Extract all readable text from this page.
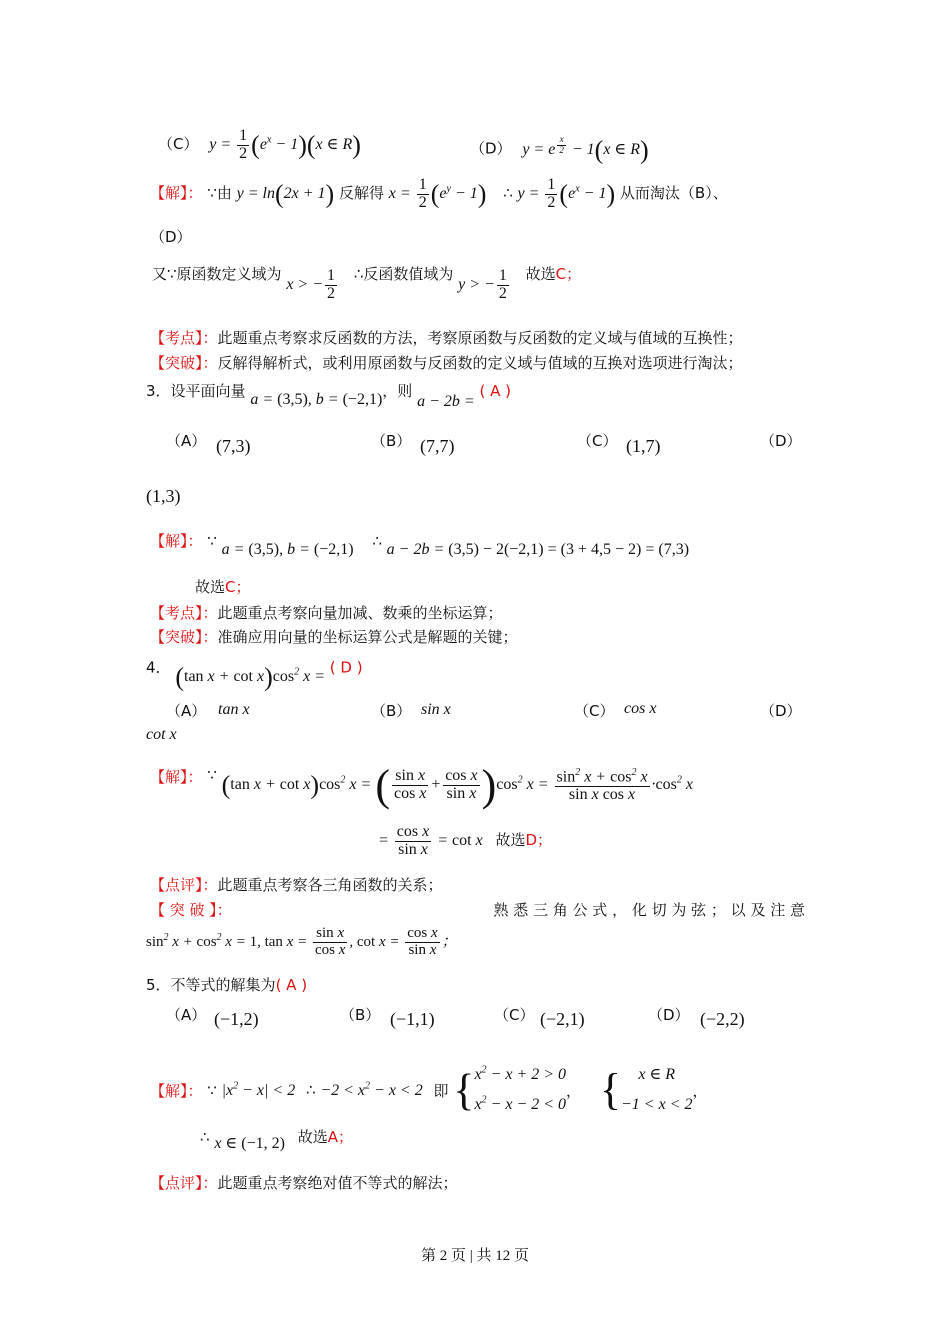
（C） $y = \frac{1}{2} (e^x - 1)(x$ ∈ R)	（D） y = e $^{\frac{x}{2}}$ − 1(x ∈ R)
【解】： ∵由 y = ln(2x + 1) 反解得 $x = \frac{1}{2} (e^y - 1)$ ∴ $y = \frac{1}{2} (e^x - 1)$ 从而淘汰（B）、
（D）
又∵原函数定义域为 x > − $\frac{1}{2}$ ∴反函数值域为 y > − $\frac{1}{2}$ 故选C；
【考点】：此题重点考察求反函数的方法，考察原函数与反函数的定义域与值域的互换性；
【突破】：反解得解析式，或利用原函数与反函数的定义域与值域的互换对选项进行淘汰；
3．设平面向量 a = (3,5), b = (−2,1)，则 a − 2b = ( A )
（A） (7,3)	（B） (7,7)	（C） (1,7)	（D）
(1,3)
【解】： ∵ a = (3,5), b = (−2,1) ∴ a − 2b = (3,5) − 2(−2,1) = (3 + 4,5 − 2) = (7,3)
故选C；
【考点】：此题重点考察向量加减、数乘的坐标运算；
【突破】：准确应用向量的坐标运算公式是解题的关键；
4． (tan $x + \cot x)\cos^2$ x = ( D )
（A） tan x	（B） sin x	（C） cos x	（D）
cot x
【解】： ∵ (tan $x + \cot x)\cos^2$ x = ( $\frac{\text{sin x}}{\text{cos x}} + \frac{\text{cos x}}{\text{sin x}} )\cos^2$ $x = \frac{\sin^2 x + \cos^2 x}{\text{sin x cos x}} \cdot\cos^2$ x
= $\frac{\text{cos x}}{\text{sin x}} = \cot x$ 故选D；
【点评】：此题重点考察各三角函数的关系；
【 突 破 】：	熟 悉 三 角 公 式 ， 化 切 为 弦 ； 以 及 注 意
$\sin^2 x + \cos^2 x = 1$, $\tan x = \frac{\text{sin x}}{\text{cos x}}$ , $\cot x = \frac{\text{cos x}}{\text{sin x}}$ ；
5．不等式的解集为( A )
（A） (−1,2)	（B） (−1,1)	（C） (−2,1)	（D） (−2,2)
【解】： ∵ $|x^2 - x| < 2$ ∴ $-2 < x^2 - x < 2$ 即 { $x^2 - x + 2 > 0$
$x^2 - x - 2 < 0$
， {	x ∈ R
−1 < x < 2
，
∴ x ∈ (−1, 2) 故选A；
【点评】：此题重点考察绝对值不等式的解法；
第 2 页 | 共 12 页
